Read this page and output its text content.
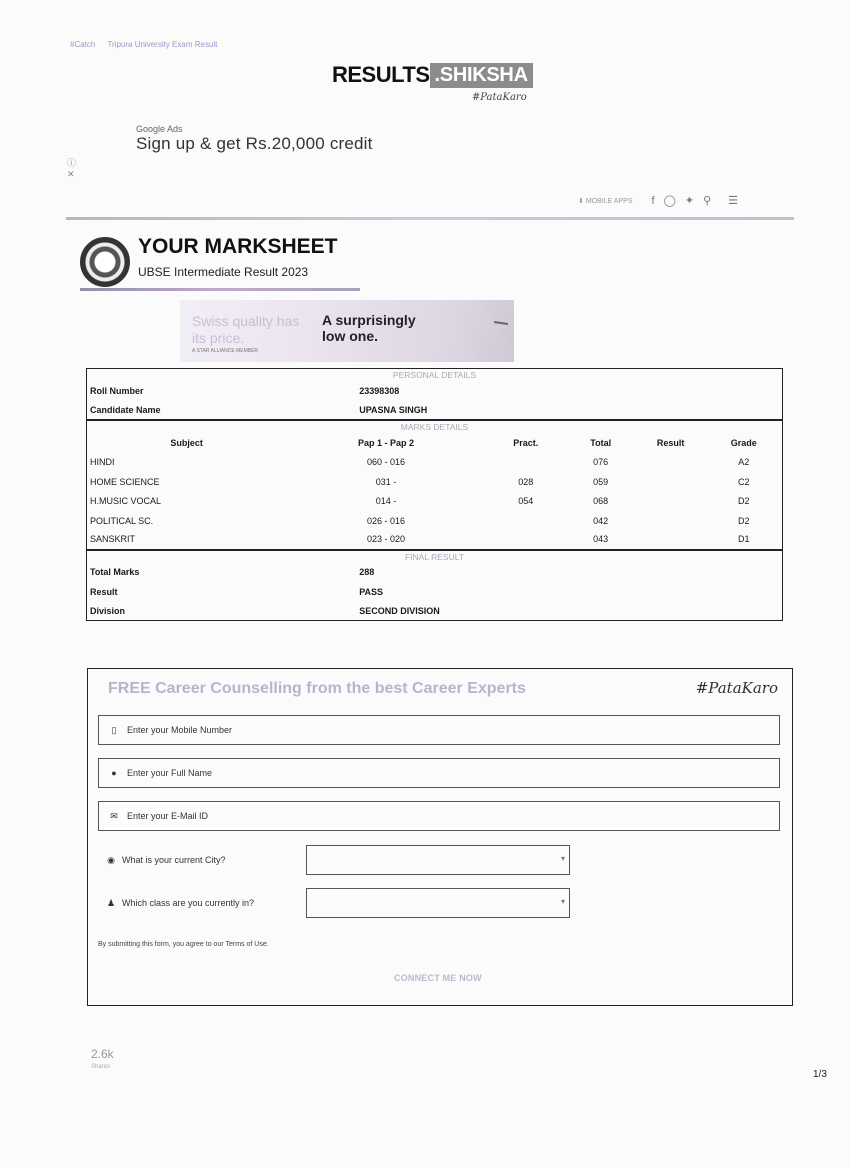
#Catch Tripura University Exam Result
RESULTS .SHIKSHA
#PataKaro
Google Ads
Sign up & get Rs.20,000 credit
ⓘ
✕
⬇ MOBILE APPS f ◯ ✦ ⚲ ☰
YOUR MARKSHEET
UBSE Intermediate Result 2023
Swiss quality has its price.
A surprisingly low one.
A STAR ALLIANCE MEMBER
PERSONAL DETAILS					
Roll Number	23398308				
Candidate Name	UPASNA SINGH				
MARKS DETAILS					
Subject	Pap 1 - Pap 2	Pract.	Total	Result	Grade
HINDI	060 - 016		076		A2
HOME SCIENCE	031 -	028	059		C2
H.MUSIC VOCAL	014 -	054	068		D2
POLITICAL SC.	026 - 016		042		D2
SANSKRIT	023 - 020		043		D1
FINAL RESULT					
Total Marks	288				
Result	PASS				
Division	SECOND DIVISION				
FREE Career Counselling from the best Career Experts	#PataKaro
▯	Enter your Mobile Number
●	Enter your Full Name
✉	Enter your E-Mail ID
◉ What is your current City?
▾
♟ Which class are you currently in?
▾
By submitting this form, you agree to our Terms of Use.
CONNECT ME NOW
2.6k
Shares
1/3
